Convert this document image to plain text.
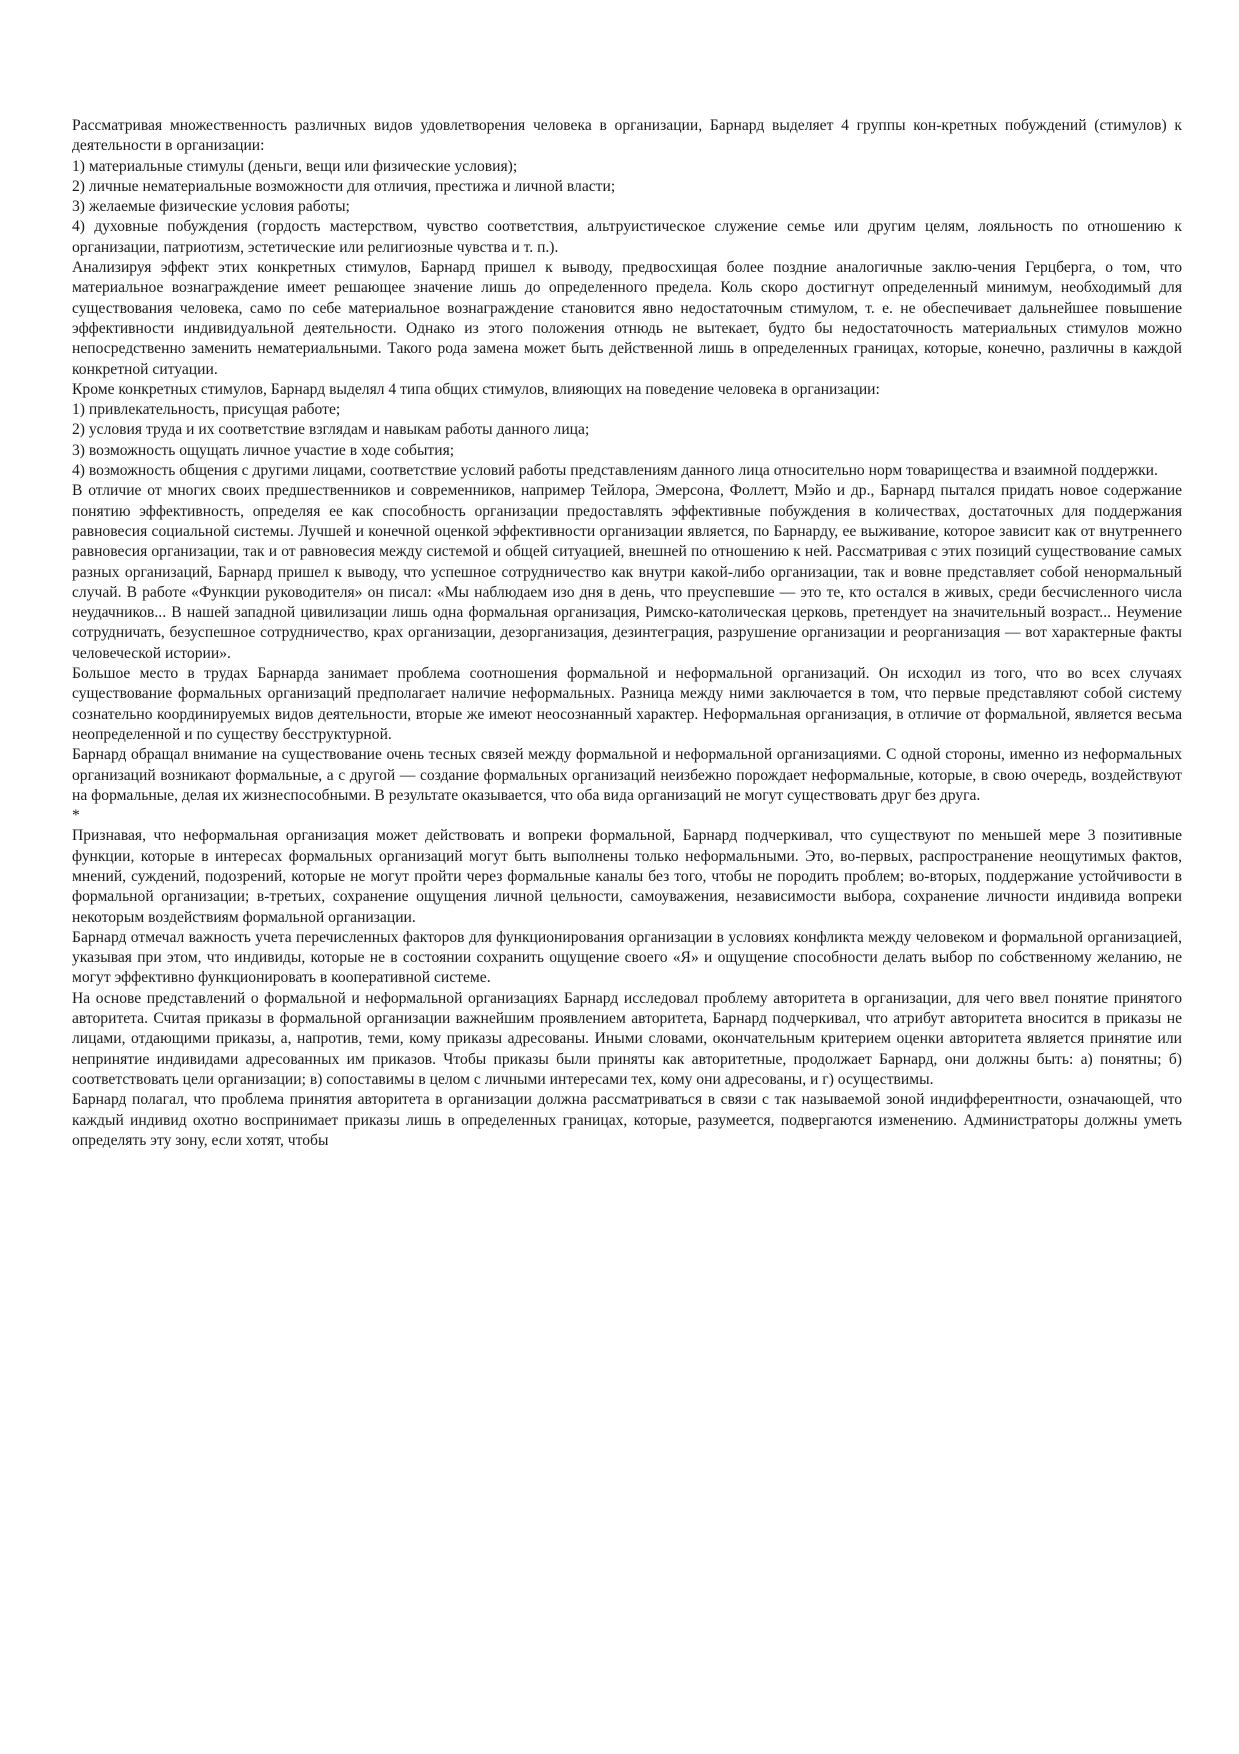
Рассматривая множественность различных видов удовлетворения человека в организации, Барнард выделяет 4 группы кон-кретных побуждений (стимулов) к деятельности в организации:

1) материальные стимулы (деньги, вещи или физические условия);

2) личные нематериальные возможности для отличия, престижа и личной власти;

3) желаемые физические условия работы;

4) духовные побуждения (гордость мастерством, чувство соответствия, альтруистическое служение семье или другим целям, лояльность по отношению к организации, патриотизм, эстетические или религиозные чувства и т. п.).

Анализируя эффект этих конкретных стимулов, Барнард пришел к выводу, предвосхищая более поздние аналогичные заклю-чения Герцберга, о том, что материальное вознаграждение имеет решающее значение лишь до определенного предела. Коль скоро достигнут определенный минимум, необходимый для существования человека, само по себе материальное вознаграждение становится явно недостаточным стимулом, т. е. не обеспечивает дальнейшее повышение эффективности индивидуальной деятельности. Однако из этого положения отнюдь не вытекает, будто бы недостаточность материальных стимулов можно непосредственно заменить нематериальными. Такого рода замена может быть действенной лишь в определенных границах, которые, конечно, различны в каждой конкретной ситуации.

Кроме конкретных стимулов, Барнард выделял 4 типа общих стимулов, влияющих на поведение человека в организации:

1) привлекательность, присущая работе;

2) условия труда и их соответствие взглядам и навыкам работы данного лица;

3) возможность ощущать личное участие в ходе события;

4) возможность общения с другими лицами, соответствие условий работы представлениям данного лица относительно норм товарищества и взаимной поддержки.

В отличие от многих своих предшественников и современников, например Тейлора, Эмерсона, Фоллетт, Мэйо и др., Барнард пытался придать новое содержание понятию эффективность, определяя ее как способность организации предоставлять эффективные побуждения в количествах, достаточных для поддержания равновесия социальной системы. Лучшей и конечной оценкой эффективности организации является, по Барнарду, ее выживание, которое зависит как от внутреннего равновесия организации, так и от равновесия между системой и общей ситуацией, внешней по отношению к ней. Рассматривая с этих позиций существование самых разных организаций, Барнард пришел к выводу, что успешное сотрудничество как внутри какой-либо организации, так и вовне представляет собой ненормальный случай. В работе «Функции руководителя» он писал: «Мы наблюдаем изо дня в день, что преуспевшие — это те, кто остался в живых, среди бесчисленного числа неудачников... В нашей западной цивилизации лишь одна формальная организация, Римско-католическая церковь, претендует на значительный возраст... Неумение сотрудничать, безуспешное сотрудничество, крах организации, дезорганизация, дезинтеграция, разрушение организации и реорганизация — вот характерные факты человеческой истории».

Большое место в трудах Барнарда занимает проблема соотношения формальной и неформальной организаций. Он исходил из того, что во всех случаях существование формальных организаций предполагает наличие неформальных. Разница между ними заключается в том, что первые представляют собой систему сознательно координируемых видов деятельности, вторые же имеют неосознанный характер. Неформальная организация, в отличие от формальной, является весьма неопределенной и по существу бесструктурной.

Барнард обращал внимание на существование очень тесных связей между формальной и неформальной организациями. С одной стороны, именно из неформальных организаций возникают формальные, а с другой — создание формальных организаций неизбежно порождает неформальные, которые, в свою очередь, воздействуют на формальные, делая их жизнеспособными. В результате оказывается, что оба вида организаций не могут существовать друг без друга.

*

Признавая, что неформальная организация может действовать и вопреки формальной, Барнард подчеркивал, что существуют по меньшей мере 3 позитивные функции, которые в интересах формальных организаций могут быть выполнены только неформальными. Это, во-первых, распространение неощутимых фактов, мнений, суждений, подозрений, которые не могут пройти через формальные каналы без того, чтобы не породить проблем; во-вторых, поддержание устойчивости в формальной организации; в-третьих, сохранение ощущения личной цельности, самоуважения, независимости выбора, сохранение личности индивида вопреки некоторым воздействиям формальной организации.

Барнард отмечал важность учета перечисленных факторов для функционирования организации в условиях конфликта между человеком и формальной организацией, указывая при этом, что индивиды, которые не в состоянии сохранить ощущение своего «Я» и ощущение способности делать выбор по собственному желанию, не могут эффективно функционировать в кооперативной системе.

На основе представлений о формальной и неформальной организациях Барнард исследовал проблему авторитета в организации, для чего ввел понятие принятого авторитета. Считая приказы в формальной организации важнейшим проявлением авторитета, Барнард подчеркивал, что атрибут авторитета вносится в приказы не лицами, отдающими приказы, а, напротив, теми, кому приказы адресованы. Иными словами, окончательным критерием оценки авторитета является принятие или непринятие индивидами адресованных им приказов. Чтобы приказы были приняты как авторитетные, продолжает Барнард, они должны быть: а) понятны; б) соответствовать цели организации; в) сопоставимы в целом с личными интересами тех, кому они адресованы, и г) осуществимы.

Барнард полагал, что проблема принятия авторитета в организации должна рассматриваться в связи с так называемой зоной индифферентности, означающей, что каждый индивид охотно воспринимает приказы лишь в определенных границах, которые, разумеется, подвергаются изменению. Администраторы должны уметь определять эту зону, если хотят, чтобы
